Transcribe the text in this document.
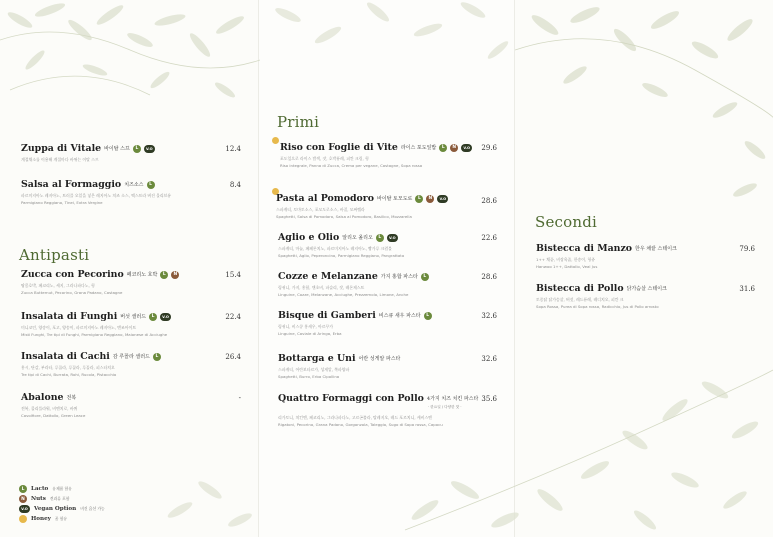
Zuppa di Vitale 바이탈 스프	L	V.O
계절채소를 이용해 계절마다 바뀌는 이탈 스프
12.4
Salsa al Formaggio 치즈소스	L
파르미지아노 레지아노, 트러플 오일을 넣은 레지아노 치즈 소스, 엑스트라 버진 올리브유
Parmigiano Reggiano, Tinei, Extra Vergine
8.4
Antipasti
Zucca con Pecorino 페코리노 호박	L	N
땅콩호박, 페코리노, 세지, 그라나파다노, 헝
Zucca Butternut, Pecorino, Grana Padano, Castagne
15.4
Insalata di Funghi 버섯 샐러드	L	V.O
미니코인, 양송이, 포고, 양송이, 파르미지아노 레지아노, 맨조아이트
Misti Funghi, Tre tipi di Funghi, Parmigiano Reggiano, Maionese di Acciughe
22.4
Insalata di Cachi 감 루꼴라 샐러드	L
홍시, 단감, 부라타, 루꼴라, 루꼴라, 루꼴라, 피스타치오
Tre tipi di Cachi, Burrata, Rohi, Rucola, Pistacchio
26.4
Abalone 전복
전복, 콜리플라워, 비엔치로, 바퀴
Cavolfiore, Dattollo, Green Leace
-
L	Lacto 유제품 함유
N	Nuts 견과류 포함
V.O	Vegan Option 비건 옵션 가능
Honey 꿀 함유
Primi
Riso con Foglie di Vite 라이스 포도잎밥	L	N	V.O
포도잎으로 라이스 밤색, 잣, 호박퓨레, 피칸 크림, 헝
Riso integrale, Panna di Zucca, Crema per vegane, Castagne, Sopa rossa
29.6
Pasta al Pomodoro 바이탈 토모도로	L	N	V.O
스파게티, 토마토소스, 포모도로소스, 바질, 모짜렐라
Spaghetti, Salsa di Pomodoro, Salsa al Pomodoro, Basilico, Mozzarella
28.6
Aglio e Olio 알리오 올리오	L	V.O
스파게티, 마늘, 페페론치노, 파르미지아노 레지아노, 빵가루 크럼블
Spaghetti, Aglio, Peperoncino, Parmigiano Reggiano, Pangrattato
22.6
Cozze e Melanzane 가지 홍합 파스타	L
링귀니, 가지, 홍합, 앤초비, 파슬리, 잣, 레몬제스트
Linguine, Cozze, Melanzane, Acciughe, Prezzemolo, Limone, Anche
28.6
Bisque di Gamberi 비스큐 새우 파스타	L
링귀니, 비스큐 홍새우, 아르꾸가
Linguine, Caviale di Aringa, Erba
32.6
Bottarga e Uni 어란 성게알 파스타
스파게티, 어란보타르가, 성게알, 쪽파양파
Spaghetti, Burro, Erba Cipollina
32.6
Quattro Formaggi con Pollo 4가지 치즈 치킨 파스타
· 한요일 / 다양한 맛 ·
리가토니, 치킨엔, 페코리노, 그라나파다노, 고르곤졸라, 탈레지오, 레드 포르치니, 캐비스엔
Rigatoni, Pecorino, Grana Padano, Gorgonzola, Taleggio, Sugo di Sopa rossa, Capocu
35.6
Secondi
Bistecca di Manzo 한우 채끝 스테이크
1++ 채끝, 비장육줍, 한송이, 헝쥬
Hanwoo 1++, Dattollo, Veal Jus
79.6
Bistecca di Pollo 닭가슴살 스테이크
토종닭 닭가슴살, 버섯, 레드퓨레, 레디치오, 피칸 크
Sopa Rossa, Purea di Sopa rossa, Radicchio, Jus di Pollo arrosto
31.6
